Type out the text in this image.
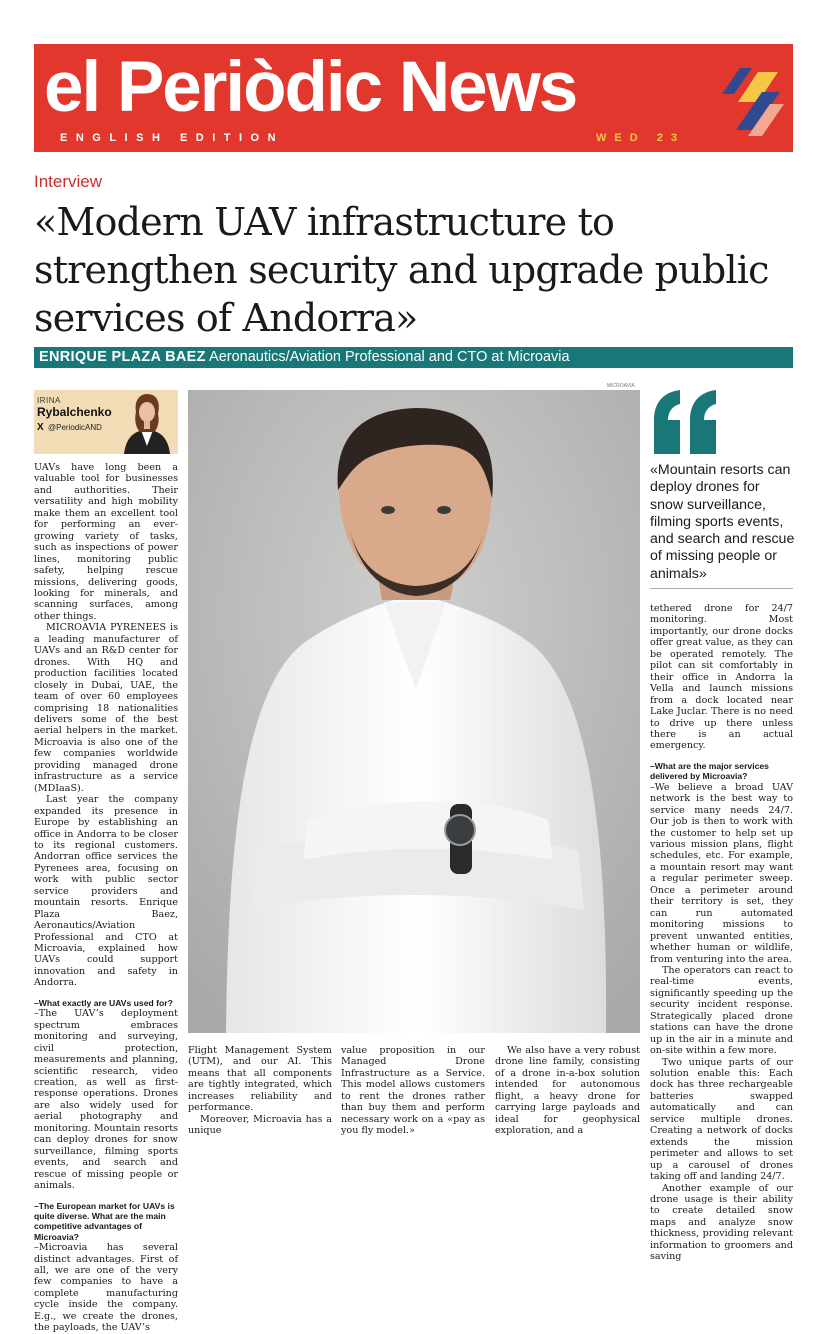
el Periòdic News
ENGLISH EDITION	WED 23
Interview
«Modern UAV infrastructure to strengthen security and upgrade public services of Andorra»
ENRIQUE PLAZA BAEZ Aeronautics/Aviation Professional and CTO at Microavia
IRINA
Rybalchenko
X @PeriodicAND

UAVs have long been a valuable tool for businesses and authorities. Their versatility and high mobility make them an excellent tool for performing an ever-growing variety of tasks, such as inspections of power lines, monitoring public safety, helping rescue missions, delivering goods, looking for minerals, and scanning surfaces, among other things.

MICROAVIA PYRENEES is a leading manufacturer of UAVs and an R&D center for drones. With HQ and production facilities located closely in Dubai, UAE, the team of over 60 employees comprising 18 nationalities delivers some of the best aerial helpers in the market. Microavia is also one of the few companies worldwide providing managed drone infrastructure as a service (MDIaaS).

Last year the company expanded its presence in Europe by establishing an office in Andorra to be closer to its regional customers. Andorran office services the Pyrenees area, focusing on work with public sector service providers and mountain resorts. Enrique Plaza Baez, Aeronautics/Aviation Professional and CTO at Microavia, explained how UAVs could support innovation and safety in Andorra.

–What exactly are UAVs used for?

–The UAV’s deployment spectrum embraces monitoring and surveying, civil protection, measurements and planning, scientific research, video creation, as well as first-response operations. Drones are also widely used for aerial photography and monitoring. Mountain resorts can deploy drones for snow surveillance, filming sports events, and search and rescue of missing people or animals.

–The European market for UAVs is quite diverse. What are the main competitive advantages of Microavia?

–Microavia has several distinct advantages. First of all, we are one of the very few companies to have a complete manufacturing cycle inside the company. E.g., we create the drones, the payloads, the UAV’s

MICROAVIA
«Mountain resorts can deploy drones for snow surveillance, filming sports events, and search and rescue of missing people or animals»

Flight Management System (UTM), and our AI. This means that all components are tightly integrated, which increases reliability and performance.

Moreover, Microavia has a unique

value proposition in our Managed Drone Infrastructure as a Service. This model allows customers to rent the drones rather than buy them and perform necessary work on a «pay as you fly model.»

We also have a very robust drone line family, consisting of a drone in-a-box solution intended for autonomous flight, a heavy drone for carrying large payloads and ideal for geophysical exploration, and a

tethered drone for 24/7 monitoring. Most importantly, our drone docks offer great value, as they can be operated remotely. The pilot can sit comfortably in their office in Andorra la Vella and launch missions from a dock located near Lake Juclar. There is no need to drive up there unless there is an actual emergency.

–What are the major services delivered by Microavia?

–We believe a broad UAV network is the best way to service many needs 24/7. Our job is then to work with the customer to help set up various mission plans, flight schedules, etc. For example, a mountain resort may want a regular perimeter sweep. Once a perimeter around their territory is set, they can run automated monitoring missions to prevent unwanted entities, whether human or wildlife, from venturing into the area.

The operators can react to real-time events, significantly speeding up the security incident response. Strategically placed drone stations can have the drone up in the air in a minute and on-site within a few more.

Two unique parts of our solution enable this: Each dock has three rechargeable batteries swapped automatically and can service multiple drones. Creating a network of docks extends the mission perimeter and allows to set up a carousel of drones taking off and landing 24/7.

Another example of our drone usage is their ability to create detailed snow maps and analyze snow thickness, providing relevant information to groomers and saving
